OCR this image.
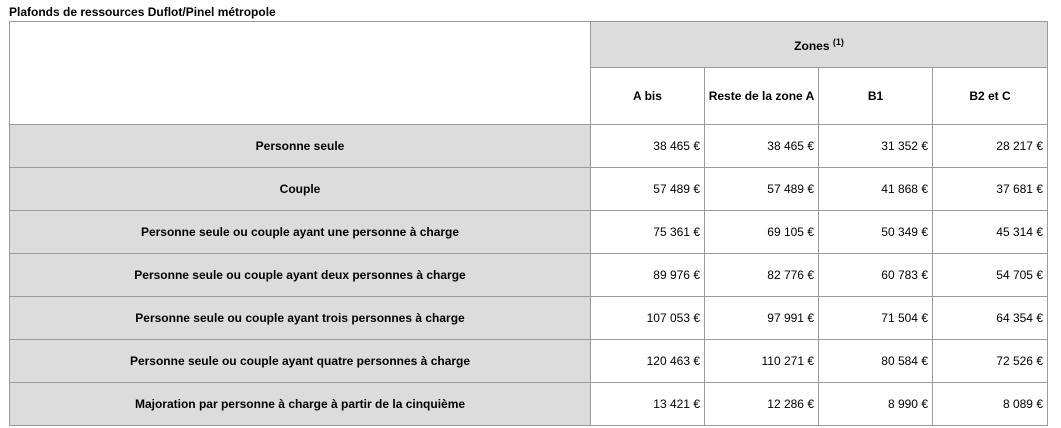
Plafonds de ressources Duflot/Pinel métropole
	Zones $^{(1)}$
	A bis	Reste de la zone A	B1	B2 et C
Personne seule	38 465 €	38 465 €	31 352 €	28 217 €
Couple	57 489 €	57 489 €	41 868 €	37 681 €
Personne seule ou couple ayant une personne à charge	75 361 €	69 105 €	50 349 €	45 314 €
Personne seule ou couple ayant deux personnes à charge	89 976 €	82 776 €	60 783 €	54 705 €
Personne seule ou couple ayant trois personnes à charge	107 053 €	97 991 €	71 504 €	64 354 €
Personne seule ou couple ayant quatre personnes à charge	120 463 €	110 271 €	80 584 €	72 526 €
Majoration par personne à charge à partir de la cinquième	13 421 €	12 286 €	8 990 €	8 089 €
